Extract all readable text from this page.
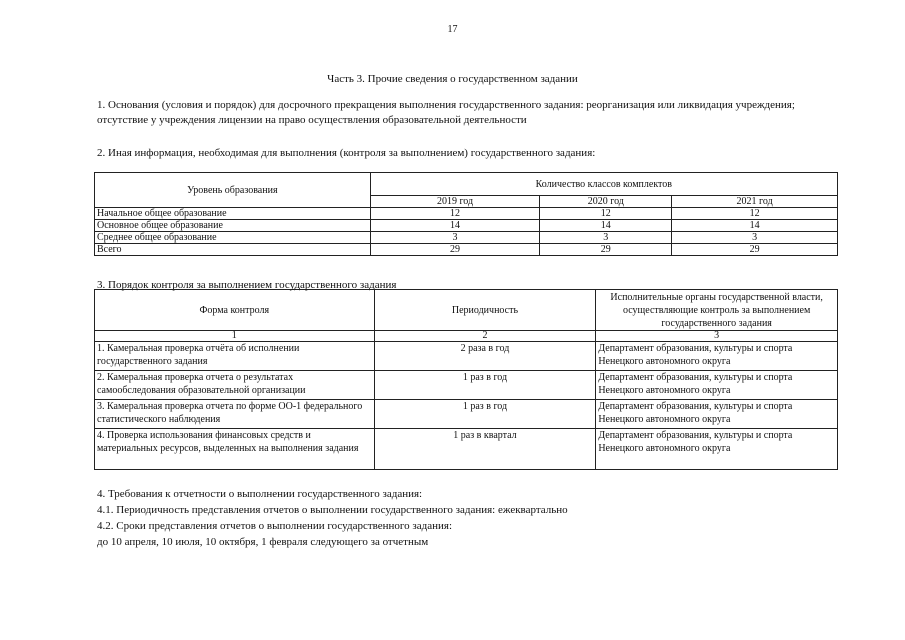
17
Часть 3. Прочие сведения о государственном задании
1. Основания (условия и порядок) для досрочного прекращения выполнения государственного задания: реорганизация или ликвидация учреждения; отсутствие у учреждения лицензии на право осуществления образовательной деятельности
2. Иная информация, необходимая для выполнения (контроля за выполнением) государственного задания:
Уровень образования	Количество классов комплектов		
	2019 год	2020 год	2021 год
Начальное общее образование	12	12	12
Основное общее образование	14	14	14
Среднее общее образование	3	3	3
Всего	29	29	29
3. Порядок контроля за выполнением государственного задания
Форма контроля	Периодичность	Исполнительные органы государственной власти, осуществляющие контроль за выполнением государственного задания
1	2	3
1. Камеральная проверка отчёта об исполнении государственного задания	2 раза в год	Департамент образования, культуры и спорта Ненецкого автономного округа
2. Камеральная проверка отчета о результатах самообследования образовательной организации	1 раз в год	Департамент образования, культуры и спорта Ненецкого автономного округа
3. Камеральная проверка отчета по форме ОО-1 федерального статистического наблюдения	1 раз в год	Департамент образования, культуры и спорта Ненецкого автономного округа
4. Проверка использования финансовых средств и материальных ресурсов, выделенных на выполнения задания	1 раз в квартал	Департамент образования, культуры и спорта Ненецкого автономного округа
4. Требования к отчетности о выполнении государственного задания:
4.1. Периодичность представления отчетов о выполнении государственного задания: ежеквартально
4.2. Сроки представления отчетов о выполнении государственного задания:
до 10 апреля, 10 июля, 10 октября, 1 февраля следующего за отчетным
